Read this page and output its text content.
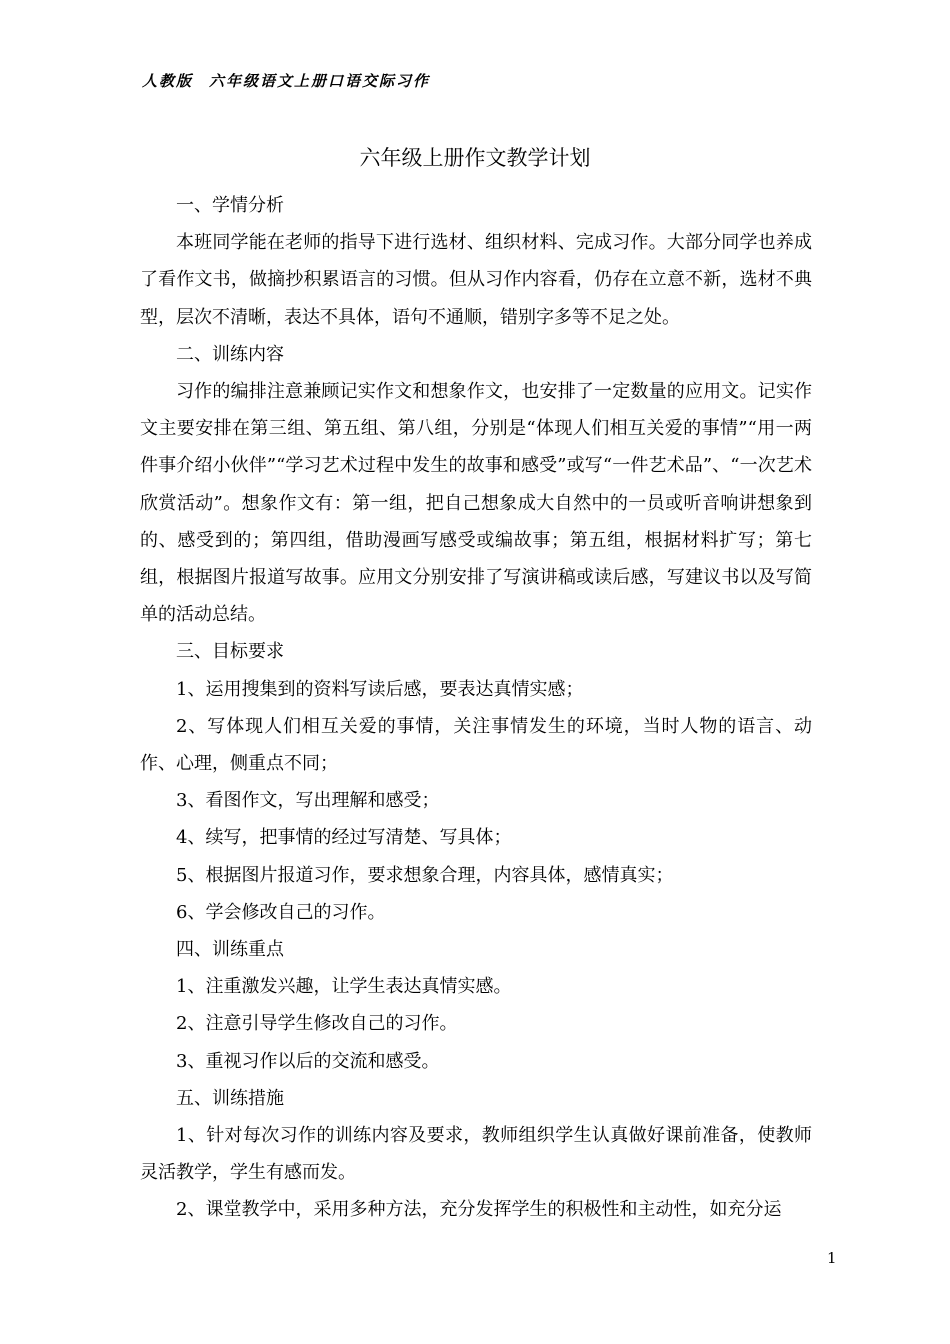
人教版 六年级语文上册口语交际习作
六年级上册作文教学计划

一、学情分析

本班同学能在老师的指导下进行选材、组织材料、完成习作。大部分同学也养成了看作文书，做摘抄积累语言的习惯。但从习作内容看，仍存在立意不新，选材不典型，层次不清晰，表达不具体，语句不通顺，错别字多等不足之处。

二、训练内容

习作的编排注意兼顾记实作文和想象作文，也安排了一定数量的应用文。记实作文主要安排在第三组、第五组、第八组，分别是“体现人们相互关爱的事情”“用一两件事介绍小伙伴”“学习艺术过程中发生的故事和感受”或写“一件艺术品”、“一次艺术欣赏活动”。想象作文有：第一组，把自己想象成大自然中的一员或听音响讲想象到的、感受到的；第四组，借助漫画写感受或编故事；第五组，根据材料扩写；第七组，根据图片报道写故事。应用文分别安排了写演讲稿或读后感，写建议书以及写简单的活动总结。

三、目标要求

1、运用搜集到的资料写读后感，要表达真情实感；

2、写体现人们相互关爱的事情，关注事情发生的环境，当时人物的语言、动作、心理，侧重点不同；

3、看图作文，写出理解和感受；

4、续写，把事情的经过写清楚、写具体；

5、根据图片报道习作，要求想象合理，内容具体，感情真实；

6、学会修改自己的习作。

四、训练重点

1、注重激发兴趣，让学生表达真情实感。

2、注意引导学生修改自己的习作。

3、重视习作以后的交流和感受。

五、训练措施

1、针对每次习作的训练内容及要求，教师组织学生认真做好课前准备，使教师灵活教学，学生有感而发。

2、课堂教学中，采用多种方法，充分发挥学生的积极性和主动性，如充分运

1
